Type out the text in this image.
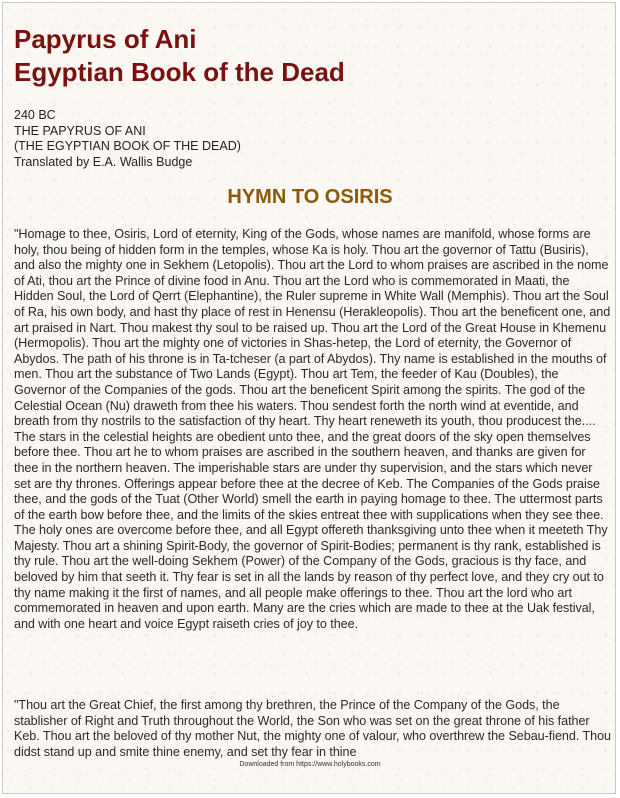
Papyrus of Ani
Egyptian Book of the Dead
240 BC
THE PAPYRUS OF ANI
(THE EGYPTIAN BOOK OF THE DEAD)
Translated by E.A. Wallis Budge
HYMN TO OSIRIS

"Homage to thee, Osiris, Lord of eternity, King of the Gods, whose names are manifold, whose forms are holy, thou being of hidden form in the temples, whose Ka is holy. Thou art the governor of Tattu (Busiris), and also the mighty one in Sekhem (Letopolis). Thou art the Lord to whom praises are ascribed in the nome of Ati, thou art the Prince of divine food in Anu. Thou art the Lord who is commemorated in Maati, the Hidden Soul, the Lord of Qerrt (Elephantine), the Ruler supreme in White Wall (Memphis). Thou art the Soul of Ra, his own body, and hast thy place of rest in Henensu (Herakleopolis). Thou art the beneficent one, and art praised in Nart. Thou makest thy soul to be raised up. Thou art the Lord of the Great House in Khemenu (Hermopolis). Thou art the mighty one of victories in Shas-hetep, the Lord of eternity, the Governor of Abydos. The path of his throne is in Ta-tcheser (a part of Abydos). Thy name is established in the mouths of men. Thou art the substance of Two Lands (Egypt). Thou art Tem, the feeder of Kau (Doubles), the Governor of the Companies of the gods. Thou art the beneficent Spirit among the spirits. The god of the Celestial Ocean (Nu) draweth from thee his waters. Thou sendest forth the north wind at eventide, and breath from thy nostrils to the satisfaction of thy heart. Thy heart reneweth its youth, thou producest the.... The stars in the celestial heights are obedient unto thee, and the great doors of the sky open themselves before thee. Thou art he to whom praises are ascribed in the southern heaven, and thanks are given for thee in the northern heaven. The imperishable stars are under thy supervision, and the stars which never set are thy thrones. Offerings appear before thee at the decree of Keb. The Companies of the Gods praise thee, and the gods of the Tuat (Other World) smell the earth in paying homage to thee. The uttermost parts of the earth bow before thee, and the limits of the skies entreat thee with supplications when they see thee. The holy ones are overcome before thee, and all Egypt offereth thanksgiving unto thee when it meeteth Thy Majesty. Thou art a shining Spirit-Body, the governor of Spirit-Bodies; permanent is thy rank, established is thy rule. Thou art the well-doing Sekhem (Power) of the Company of the Gods, gracious is thy face, and beloved by him that seeth it. Thy fear is set in all the lands by reason of thy perfect love, and they cry out to thy name making it the first of names, and all people make offerings to thee. Thou art the lord who art commemorated in heaven and upon earth. Many are the cries which are made to thee at the Uak festival, and with one heart and voice Egypt raiseth cries of joy to thee.

"Thou art the Great Chief, the first among thy brethren, the Prince of the Company of the Gods, the stablisher of Right and Truth throughout the World, the Son who was set on the great throne of his father Keb. Thou art the beloved of thy mother Nut, the mighty one of valour, who overthrew the Sebau-fiend. Thou didst stand up and smite thine enemy, and set thy fear in thine

Downloaded from https://www.holybooks.com
